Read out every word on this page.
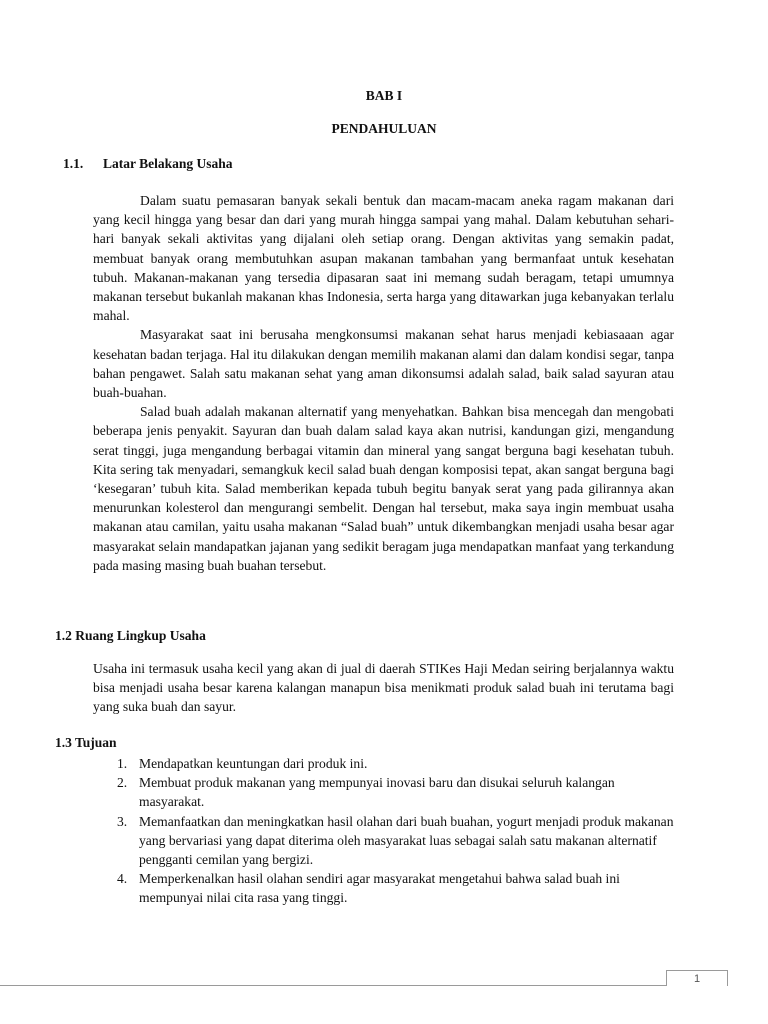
BAB I
PENDAHULUAN
1.1. Latar Belakang Usaha

Dalam suatu pemasaran banyak sekali bentuk dan macam-macam aneka ragam makanan dari yang kecil hingga yang besar dan dari yang murah hingga sampai yang mahal. Dalam kebutuhan sehari-hari banyak sekali aktivitas yang dijalani oleh setiap orang. Dengan aktivitas yang semakin padat, membuat banyak orang membutuhkan asupan makanan tambahan yang bermanfaat untuk kesehatan tubuh. Makanan-makanan yang tersedia dipasaran saat ini memang sudah beragam, tetapi umumnya makanan tersebut bukanlah makanan khas Indonesia, serta harga yang ditawarkan juga kebanyakan terlalu mahal.

Masyarakat saat ini berusaha mengkonsumsi makanan sehat harus menjadi kebiasaaan agar kesehatan badan terjaga. Hal itu dilakukan dengan memilih makanan alami dan dalam kondisi segar, tanpa bahan pengawet. Salah satu makanan sehat yang aman dikonsumsi adalah salad, baik salad sayuran atau buah-buahan.

Salad buah adalah makanan alternatif yang menyehatkan. Bahkan bisa mencegah dan mengobati beberapa jenis penyakit. Sayuran dan buah dalam salad kaya akan nutrisi, kandungan gizi, mengandung serat tinggi, juga mengandung berbagai vitamin dan mineral yang sangat berguna bagi kesehatan tubuh. Kita sering tak menyadari, semangkuk kecil salad buah dengan komposisi tepat, akan sangat berguna bagi ‘kesegaran’ tubuh kita. Salad memberikan kepada tubuh begitu banyak serat yang pada gilirannya akan menurunkan kolesterol dan mengurangi sembelit. Dengan hal tersebut, maka saya ingin membuat usaha makanan atau camilan, yaitu usaha makanan “Salad buah” untuk dikembangkan menjadi usaha besar agar masyarakat selain mandapatkan jajanan yang sedikit beragam juga mendapatkan manfaat yang terkandung pada masing masing buah buahan tersebut.

1.2 Ruang Lingkup Usaha

Usaha ini termasuk usaha kecil yang akan di jual di daerah STIKes Haji Medan seiring berjalannya waktu bisa menjadi usaha besar karena kalangan manapun bisa menikmati produk salad buah ini terutama bagi yang suka buah dan sayur.

1.3 Tujuan
1. Mendapatkan keuntungan dari produk ini.
2. Membuat produk makanan yang mempunyai inovasi baru dan disukai seluruh kalangan masyarakat.
3. Memanfaatkan dan meningkatkan hasil olahan dari buah buahan, yogurt menjadi produk makanan yang bervariasi yang dapat diterima oleh masyarakat luas sebagai salah satu makanan alternatif pengganti cemilan yang bergizi.
4. Memperkenalkan hasil olahan sendiri agar masyarakat mengetahui bahwa salad buah ini mempunyai nilai cita rasa yang tinggi.
1
